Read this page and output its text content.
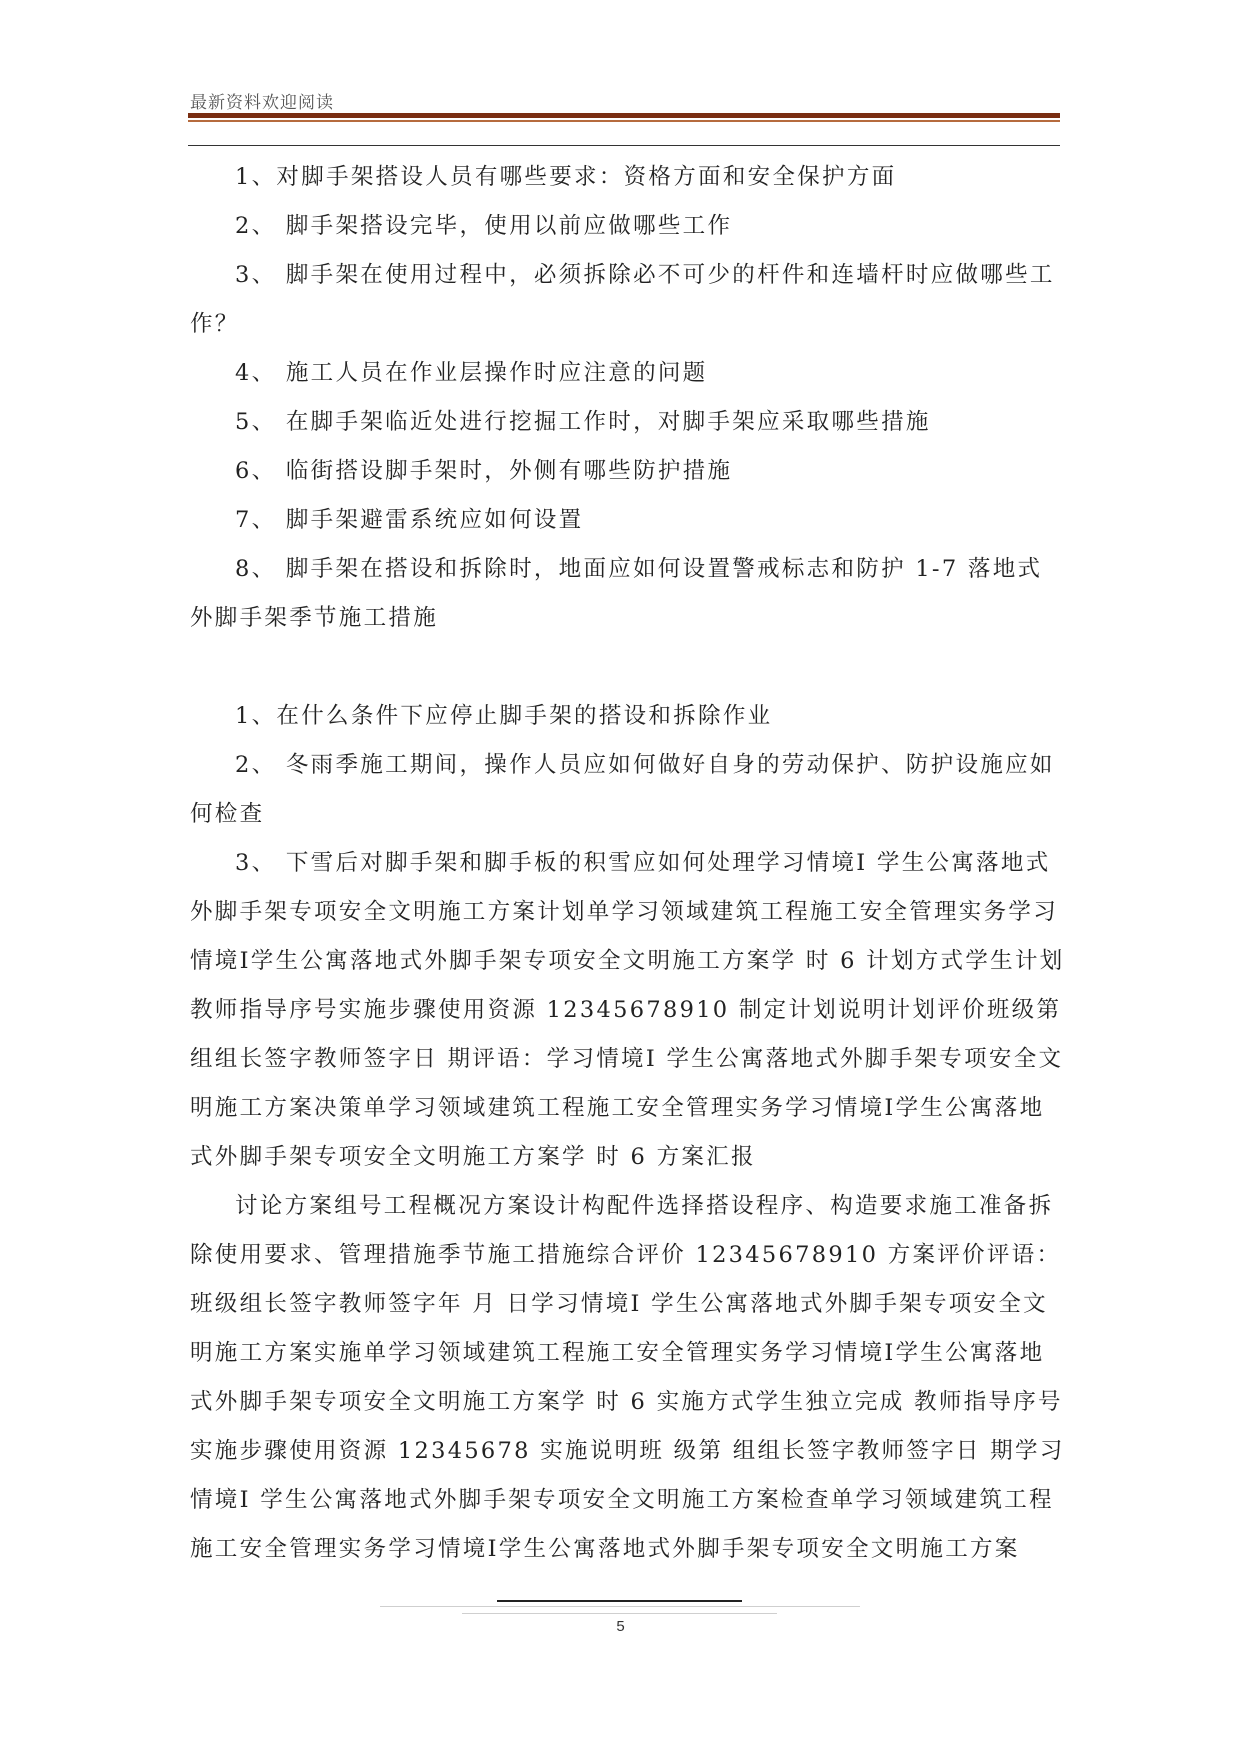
最新资料欢迎阅读

1、对脚手架搭设人员有哪些要求：资格方面和安全保护方面

2、 脚手架搭设完毕，使用以前应做哪些工作

3、 脚手架在使用过程中，必须拆除必不可少的杆件和连墙杆时应做哪些工作？

4、 施工人员在作业层操作时应注意的问题

5、 在脚手架临近处进行挖掘工作时，对脚手架应采取哪些措施

6、 临街搭设脚手架时，外侧有哪些防护措施

7、 脚手架避雷系统应如何设置

8、 脚手架在搭设和拆除时，地面应如何设置警戒标志和防护 1-7 落地式外脚手架季节施工措施

1、在什么条件下应停止脚手架的搭设和拆除作业

2、 冬雨季施工期间，操作人员应如何做好自身的劳动保护、防护设施应如何检查

3、 下雪后对脚手架和脚手板的积雪应如何处理学习情境Ⅰ 学生公寓落地式外脚手架专项安全文明施工方案计划单学习领域建筑工程施工安全管理实务学习情境Ⅰ学生公寓落地式外脚手架专项安全文明施工方案学 时 6 计划方式学生计划 教师指导序号实施步骤使用资源 12345678910 制定计划说明计划评价班级第 组组长签字教师签字日 期评语：学习情境Ⅰ 学生公寓落地式外脚手架专项安全文明施工方案决策单学习领域建筑工程施工安全管理实务学习情境Ⅰ学生公寓落地式外脚手架专项安全文明施工方案学 时 6 方案汇报

讨论方案组号工程概况方案设计构配件选择搭设程序、构造要求施工准备拆除使用要求、管理措施季节施工措施综合评价 12345678910 方案评价评语：班级组长签字教师签字年 月 日学习情境Ⅰ 学生公寓落地式外脚手架专项安全文明施工方案实施单学习领域建筑工程施工安全管理实务学习情境Ⅰ学生公寓落地式外脚手架专项安全文明施工方案学 时 6 实施方式学生独立完成 教师指导序号实施步骤使用资源 12345678 实施说明班 级第 组组长签字教师签字日 期学习情境Ⅰ 学生公寓落地式外脚手架专项安全文明施工方案检查单学习领域建筑工程施工安全管理实务学习情境Ⅰ学生公寓落地式外脚手架专项安全文明施工方案

5
